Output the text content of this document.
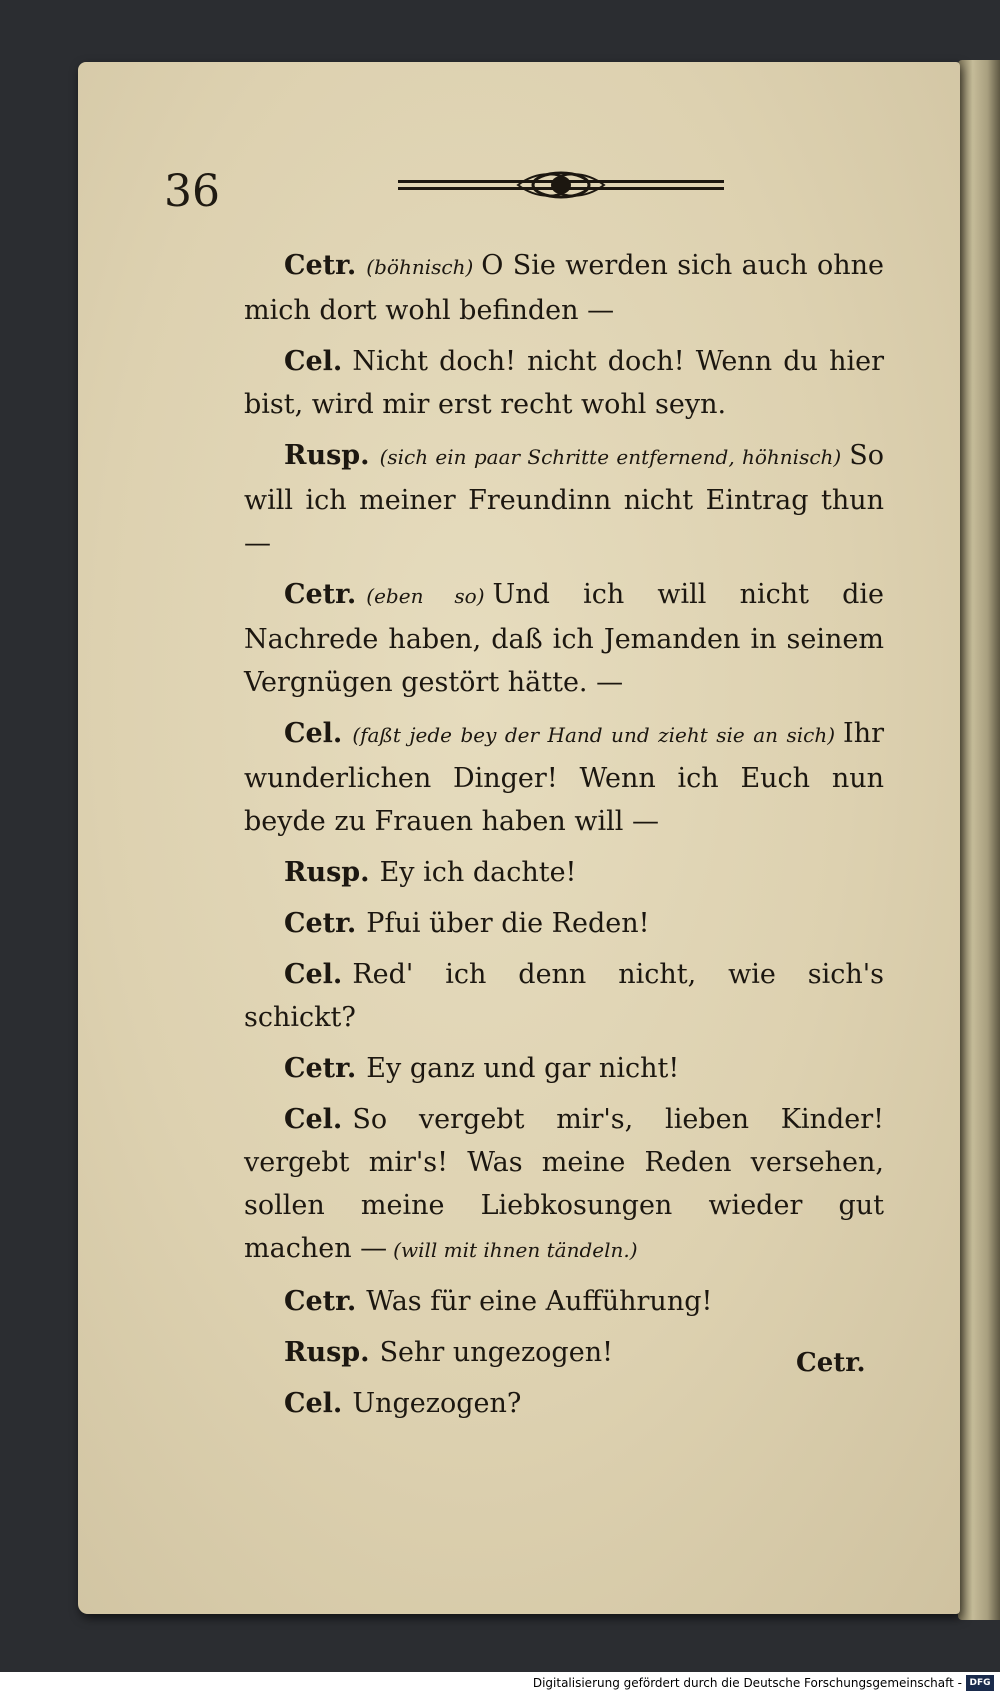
36

Cetr. (böhnisch) O Sie werden sich auch ohne mich dort wohl befinden —

Cel. Nicht doch! nicht doch! Wenn du hier bist, wird mir erst recht wohl seyn.

Rusp. (sich ein paar Schritte entfernend, höhnisch) So will ich meiner Freundinn nicht Eintrag thun —

Cetr. (eben so) Und ich will nicht die Nachrede haben, daß ich Jemanden in seinem Vergnügen gestört hätte. —

Cel. (faßt jede bey der Hand und zieht sie an sich) Ihr wunderlichen Dinger! Wenn ich Euch nun beyde zu Frauen haben will —

Rusp. Ey ich dachte!

Cetr. Pfui über die Reden!

Cel. Red' ich denn nicht, wie sich's schickt?

Cetr. Ey ganz und gar nicht!

Cel. So vergebt mir's, lieben Kinder! vergebt mir's! Was meine Reden versehen, sollen meine Liebkosungen wieder gut machen — (will mit ihnen tändeln.)

Cetr. Was für eine Aufführung!

Rusp. Sehr ungezogen!

Cel. Ungezogen?

Cetr.
Digitalisierung gefördert durch die Deutsche Forschungsgemeinschaft - DFG
